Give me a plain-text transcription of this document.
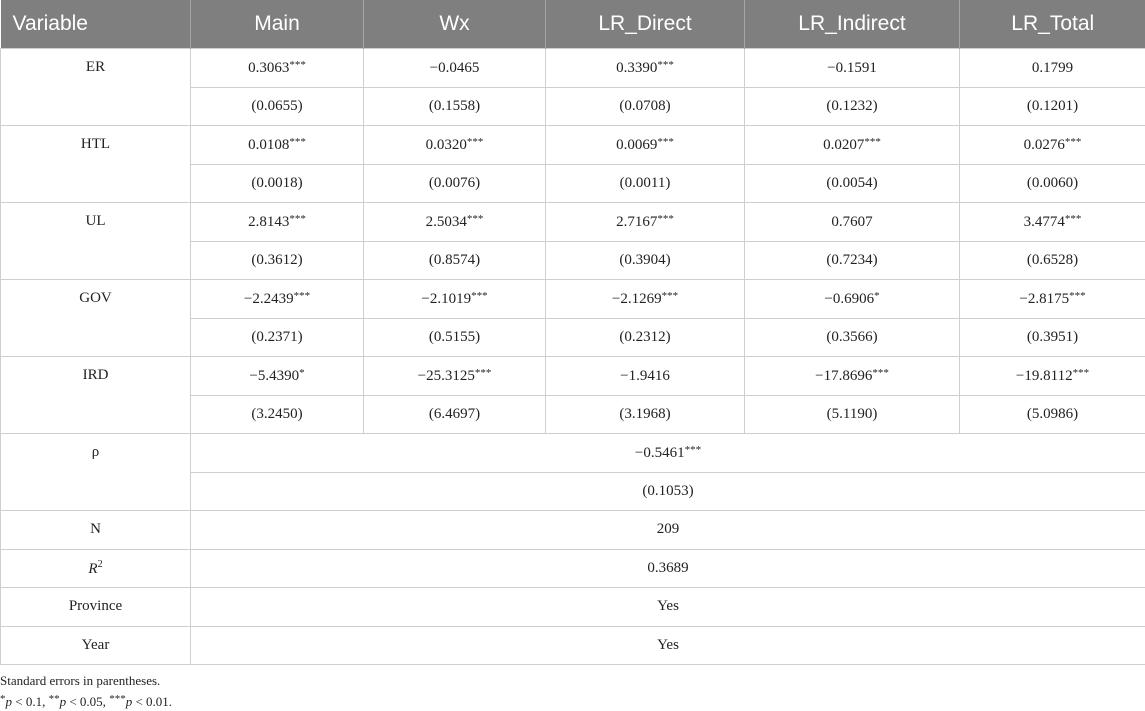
Variable	Main	Wx	LR_Direct	LR_Indirect	LR_Total
ER	0.3063***	−0.0465	0.3390***	−0.1591	0.1799
	(0.0655)	(0.1558)	(0.0708)	(0.1232)	(0.1201)
HTL	0.0108***	0.0320***	0.0069***	0.0207***	0.0276***
	(0.0018)	(0.0076)	(0.0011)	(0.0054)	(0.0060)
UL	2.8143***	2.5034***	2.7167***	0.7607	3.4774***
	(0.3612)	(0.8574)	(0.3904)	(0.7234)	(0.6528)
GOV	−2.2439***	−2.1019***	−2.1269***	−0.6906*	−2.8175***
	(0.2371)	(0.5155)	(0.2312)	(0.3566)	(0.3951)
IRD	−5.4390*	−25.3125***	−1.9416	−17.8696***	−19.8112***
	(3.2450)	(6.4697)	(3.1968)	(5.1190)	(5.0986)
ρ	−0.5461***
	(0.1053)				
N	209				
$R^2$	0.3689				
Province	Yes				
Year	Yes				
Standard errors in parentheses.
*p < 0.1, **p < 0.05, ***p < 0.01.
